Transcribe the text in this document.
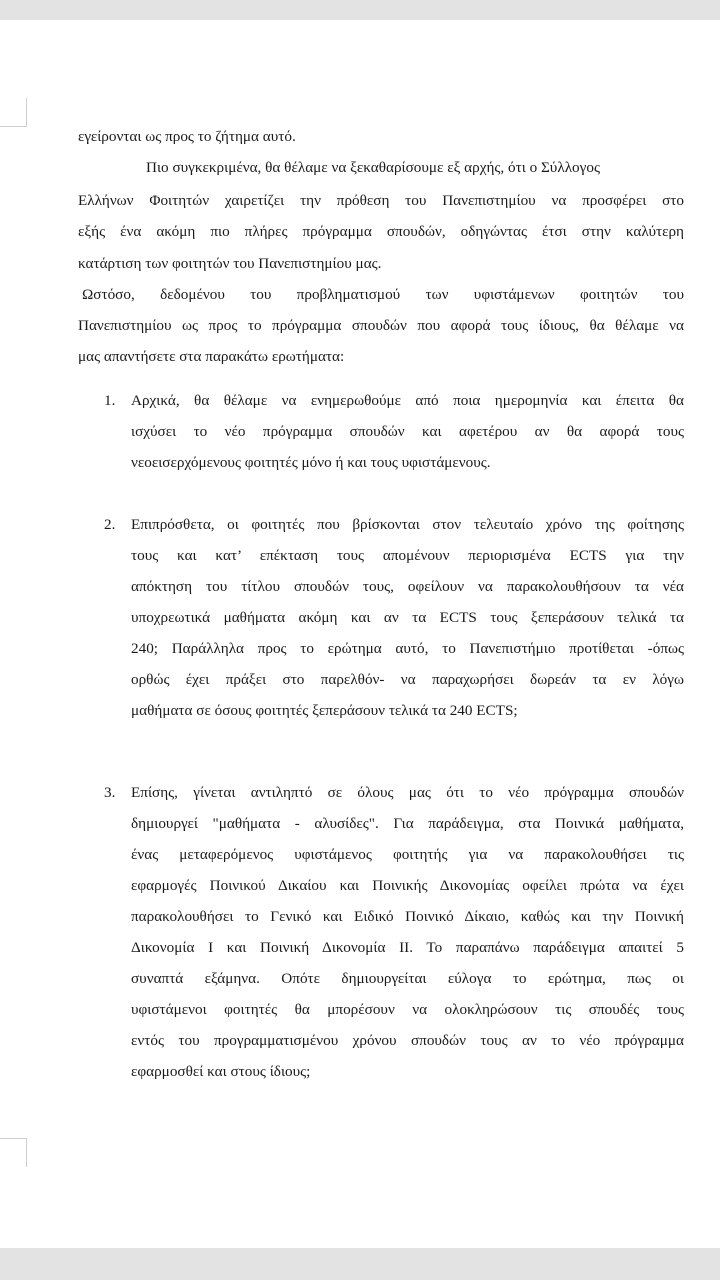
εγείρονται ως προς το ζήτημα αυτό.
Πιο συγκεκριμένα, θα θέλαμε να ξεκαθαρίσουμε εξ αρχής, ότι ο Σύλλογος
Ελλήνων Φοιτητών χαιρετίζει την πρόθεση του Πανεπιστημίου να προσφέρει στο
εξής ένα ακόμη πιο πλήρες πρόγραμμα σπουδών, οδηγώντας έτσι στην καλύτερη
κατάρτιση των φοιτητών του Πανεπιστημίου μας.
Ωστόσο, δεδομένου του προβληματισμού των υφιστάμενων φοιτητών του
Πανεπιστημίου ως προς το πρόγραμμα σπουδών που αφορά τους ίδιους, θα θέλαμε να
μας απαντήσετε στα παρακάτω ερωτήματα:
1. Αρχικά, θα θέλαμε να ενημερωθούμε από ποια ημερομηνία και έπειτα θα
ισχύσει το νέο πρόγραμμα σπουδών και αφετέρου αν θα αφορά τους
νεοεισερχόμενους φοιτητές μόνο ή και τους υφιστάμενους.
2. Επιπρόσθετα, οι φοιτητές που βρίσκονται στον τελευταίο χρόνο της φοίτησης
τους και κατ’ επέκταση τους απομένουν περιορισμένα ECTS για την
απόκτηση του τίτλου σπουδών τους, οφείλουν να παρακολουθήσουν τα νέα
υποχρεωτικά μαθήματα ακόμη και αν τα ECTS τους ξεπεράσουν τελικά τα
240; Παράλληλα προς το ερώτημα αυτό, το Πανεπιστήμιο προτίθεται -όπως
ορθώς έχει πράξει στο παρελθόν- να παραχωρήσει δωρεάν τα εν λόγω
μαθήματα σε όσους φοιτητές ξεπεράσουν τελικά τα 240 ECTS;
3. Επίσης, γίνεται αντιληπτό σε όλους μας ότι το νέο πρόγραμμα σπουδών
δημιουργεί "μαθήματα - αλυσίδες". Για παράδειγμα, στα Ποινικά μαθήματα,
ένας μεταφερόμενος υφιστάμενος φοιτητής για να παρακολουθήσει τις
εφαρμογές Ποινικού Δικαίου και Ποινικής Δικονομίας οφείλει πρώτα να έχει
παρακολουθήσει το Γενικό και Ειδικό Ποινικό Δίκαιο, καθώς και την Ποινική
Δικονομία Ι και Ποινική Δικονομία ΙΙ. Το παραπάνω παράδειγμα απαιτεί 5
συναπτά εξάμηνα. Οπότε δημιουργείται εύλογα το ερώτημα, πως οι
υφιστάμενοι φοιτητές θα μπορέσουν να ολοκληρώσουν τις σπουδές τους
εντός του προγραμματισμένου χρόνου σπουδών τους αν το νέο πρόγραμμα
εφαρμοσθεί και στους ίδιους;
